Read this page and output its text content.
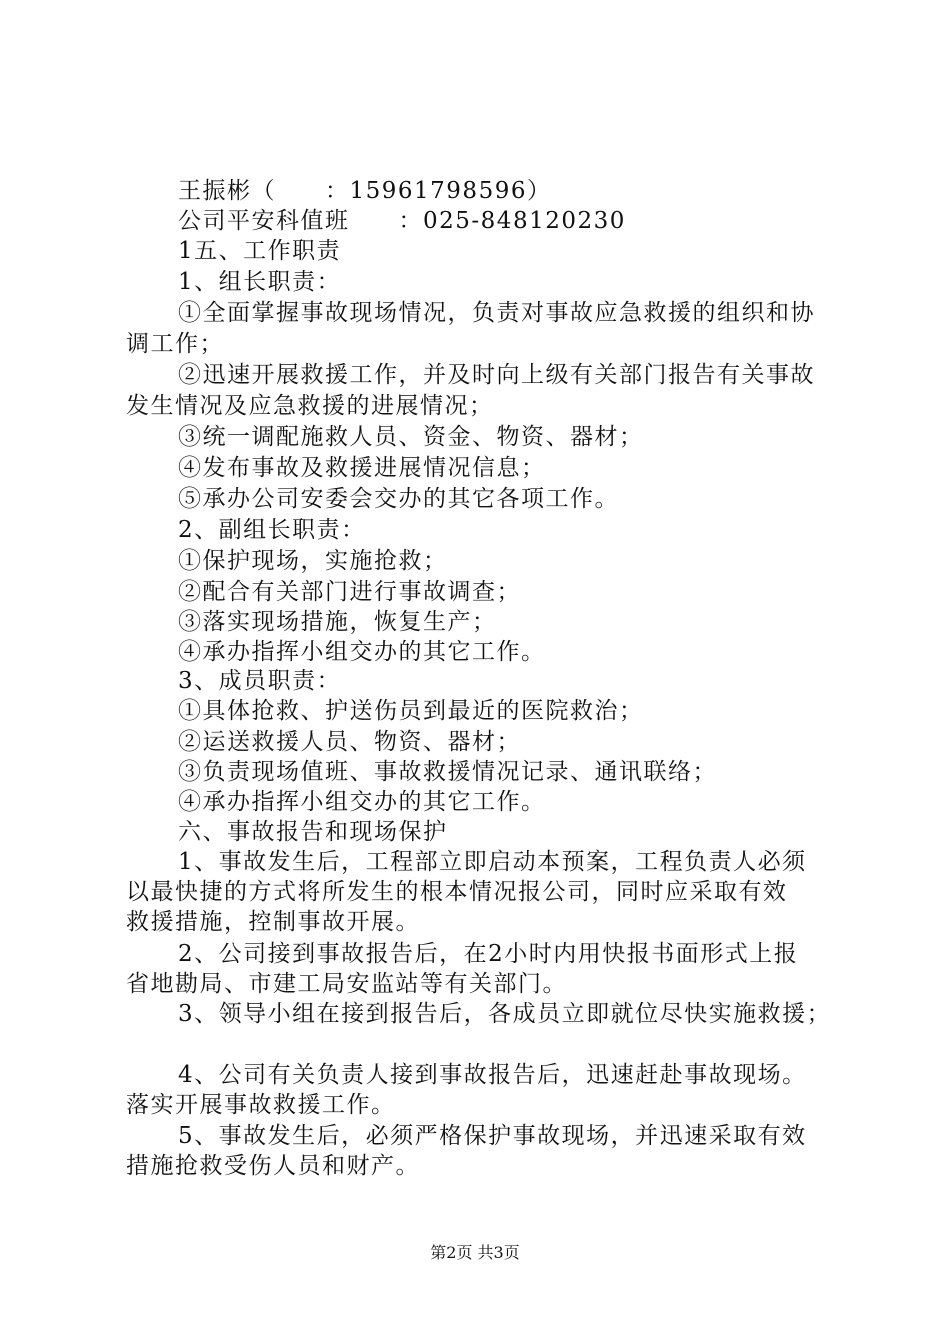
王振彬（　　：15961798596）
公司平安科值班　　：025-848120230
1五、工作职责
1、组长职责：
①全面掌握事故现场情况，负责对事故应急救援的组织和协
调工作；
②迅速开展救援工作，并及时向上级有关部门报告有关事故
发生情况及应急救援的进展情况；
③统一调配施救人员、资金、物资、器材；
④发布事故及救援进展情况信息；
⑤承办公司安委会交办的其它各项工作。
2、副组长职责：
①保护现场，实施抢救；
②配合有关部门进行事故调查；
③落实现场措施，恢复生产；
④承办指挥小组交办的其它工作。
3、成员职责：
①具体抢救、护送伤员到最近的医院救治；
②运送救援人员、物资、器材；
③负责现场值班、事故救援情况记录、通讯联络；
④承办指挥小组交办的其它工作。
六、事故报告和现场保护
1、事故发生后，工程部立即启动本预案，工程负责人必须
以最快捷的方式将所发生的根本情况报公司，同时应采取有效
救援措施，控制事故开展。
2、公司接到事故报告后，在2小时内用快报书面形式上报
省地勘局、市建工局安监站等有关部门。
3、领导小组在接到报告后，各成员立即就位尽快实施救援；
4、公司有关负责人接到事故报告后，迅速赶赴事故现场。
落实开展事故救援工作。
5、事故发生后，必须严格保护事故现场，并迅速采取有效
措施抢救受伤人员和财产。
第2页 共3页
